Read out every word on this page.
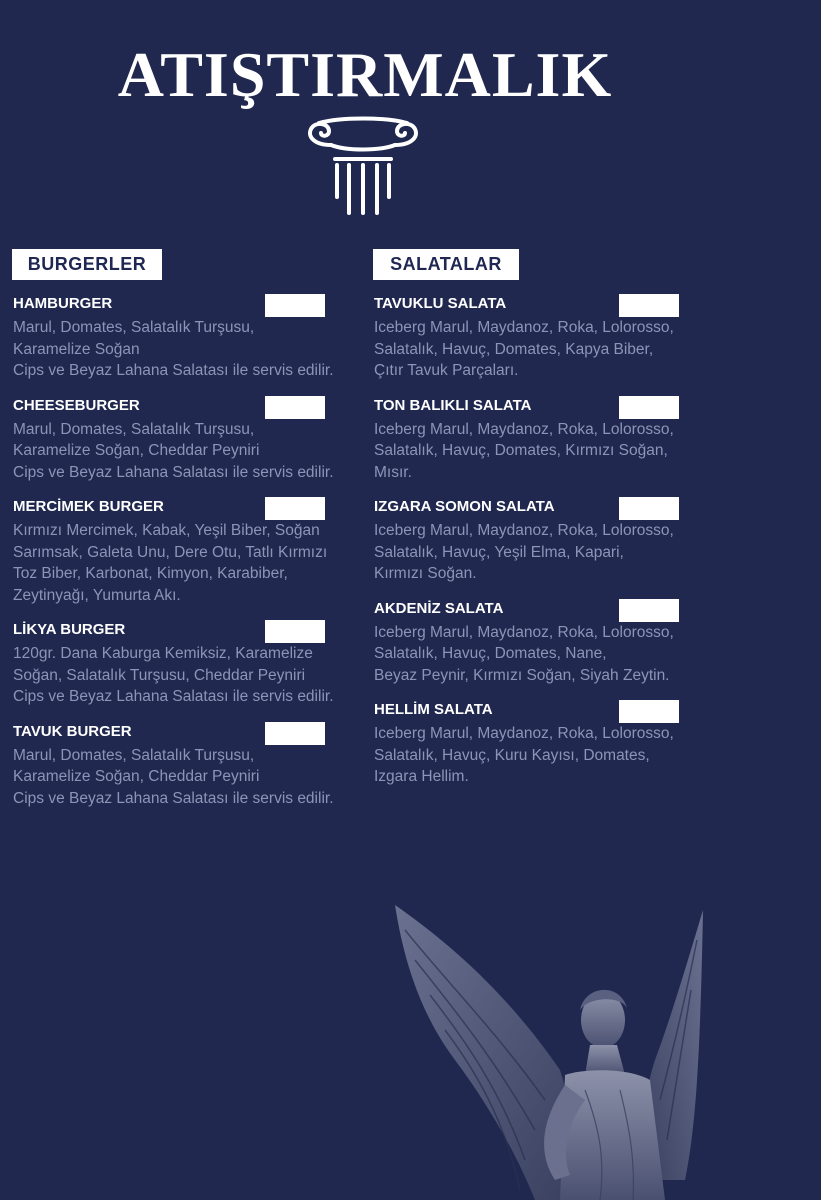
ATIŞTIRMALIK
BURGERLER	SALATALAR

HAMBURGER

Marul, Domates, Salatalık Turşusu,
Karamelize Soğan
Cips ve Beyaz Lahana Salatası ile servis edilir.

CHEESEBURGER

Marul, Domates, Salatalık Turşusu,
Karamelize Soğan, Cheddar Peyniri
Cips ve Beyaz Lahana Salatası ile servis edilir.

MERCİMEK BURGER

Kırmızı Mercimek, Kabak, Yeşil Biber, Soğan
Sarımsak, Galeta Unu, Dere Otu, Tatlı Kırmızı
Toz Biber, Karbonat, Kimyon, Karabiber,
Zeytinyağı, Yumurta Akı.

LİKYA BURGER

120gr. Dana Kaburga Kemiksiz, Karamelize
Soğan, Salatalık Turşusu, Cheddar Peyniri
Cips ve Beyaz Lahana Salatası ile servis edilir.

TAVUK BURGER

Marul, Domates, Salatalık Turşusu,
Karamelize Soğan, Cheddar Peyniri
Cips ve Beyaz Lahana Salatası ile servis edilir.

TAVUKLU SALATA

Iceberg Marul, Maydanoz, Roka, Lolorosso,
Salatalık, Havuç, Domates, Kapya Biber,
Çıtır Tavuk Parçaları.

TON BALIKLI SALATA

Iceberg Marul, Maydanoz, Roka, Lolorosso,
Salatalık, Havuç, Domates, Kırmızı Soğan,
Mısır.

IZGARA SOMON SALATA

Iceberg Marul, Maydanoz, Roka, Lolorosso,
Salatalık, Havuç, Yeşil Elma, Kapari,
Kırmızı Soğan.

AKDENİZ SALATA

Iceberg Marul, Maydanoz, Roka, Lolorosso,
Salatalık, Havuç, Domates, Nane,
Beyaz Peynir, Kırmızı Soğan, Siyah Zeytin.

HELLİM SALATA

Iceberg Marul, Maydanoz, Roka, Lolorosso,
Salatalık, Havuç, Kuru Kayısı, Domates,
Izgara Hellim.
